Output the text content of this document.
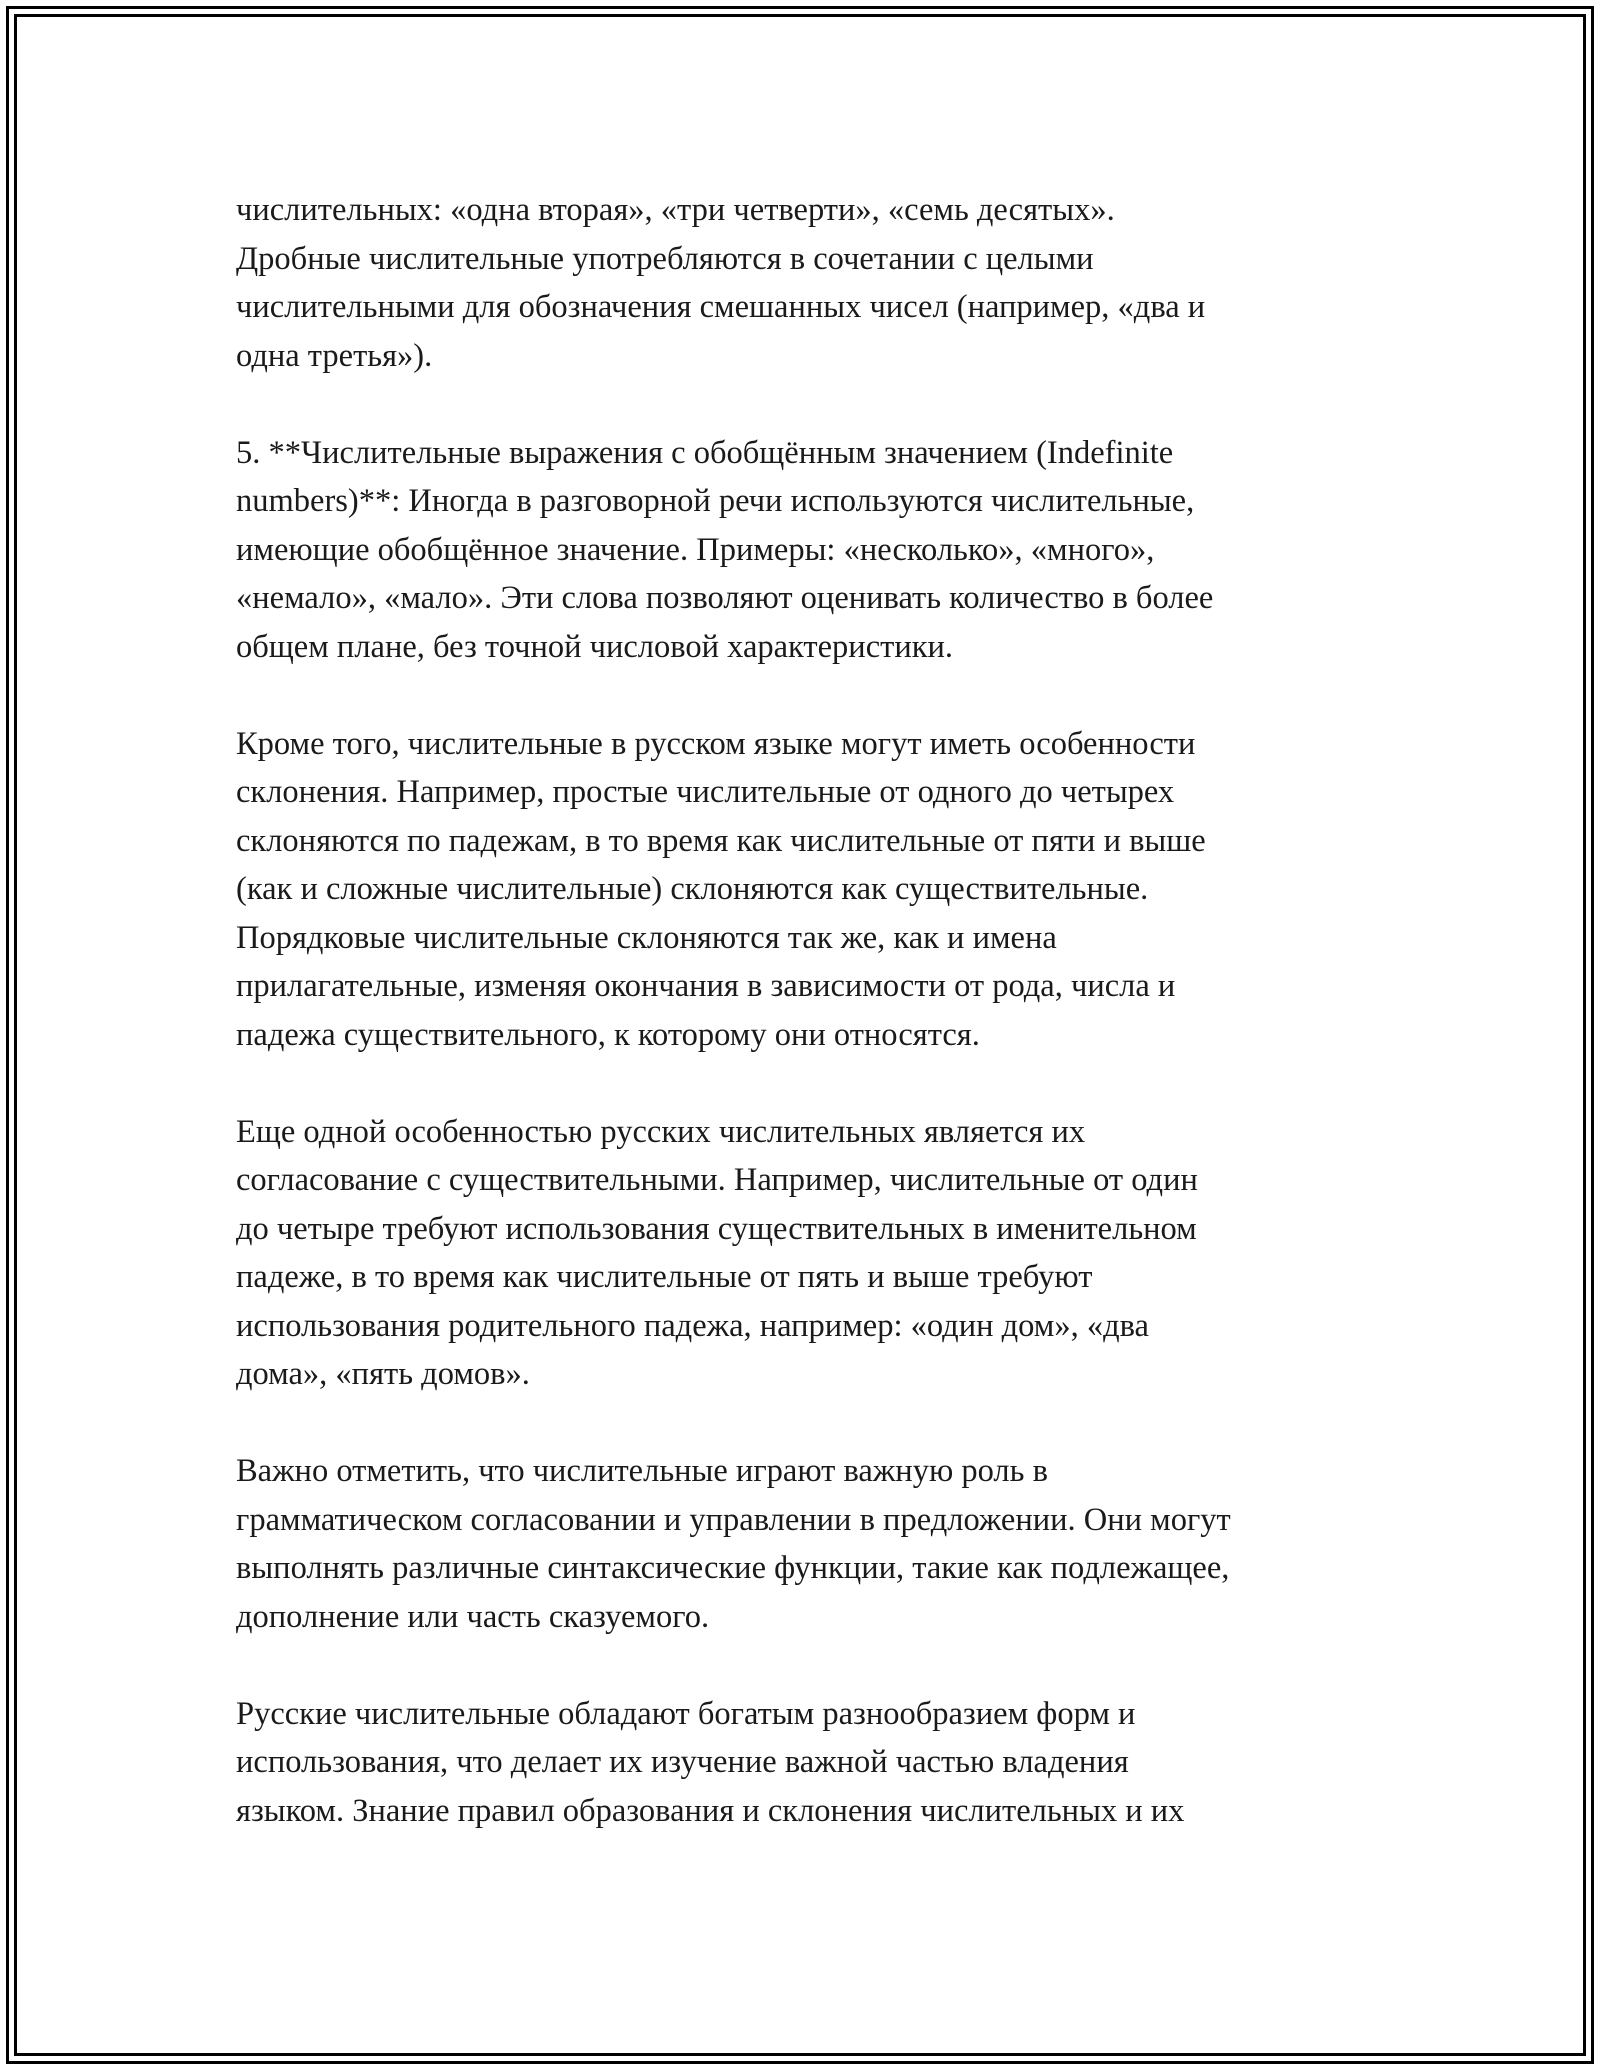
числительных: «одна вторая», «три четверти», «семь десятых».
Дробные числительные употребляются в сочетании с целыми
числительными для обозначения смешанных чисел (например, «два и
одна третья»).

5. **Числительные выражения с обобщённым значением (Indefinite
numbers)**: Иногда в разговорной речи используются числительные,
имеющие обобщённое значение. Примеры: «несколько», «много»,
«немало», «мало». Эти слова позволяют оценивать количество в более
общем плане, без точной числовой характеристики.

Кроме того, числительные в русском языке могут иметь особенности
склонения. Например, простые числительные от одного до четырех
склоняются по падежам, в то время как числительные от пяти и выше
(как и сложные числительные) склоняются как существительные.
Порядковые числительные склоняются так же, как и имена
прилагательные, изменяя окончания в зависимости от рода, числа и
падежа существительного, к которому они относятся.

Еще одной особенностью русских числительных является их
согласование с существительными. Например, числительные от один
до четыре требуют использования существительных в именительном
падеже, в то время как числительные от пять и выше требуют
использования родительного падежа, например: «один дом», «два
дома», «пять домов».

Важно отметить, что числительные играют важную роль в
грамматическом согласовании и управлении в предложении. Они могут
выполнять различные синтаксические функции, такие как подлежащее,
дополнение или часть сказуемого.

Русские числительные обладают богатым разнообразием форм и
использования, что делает их изучение важной частью владения
языком. Знание правил образования и склонения числительных и их
